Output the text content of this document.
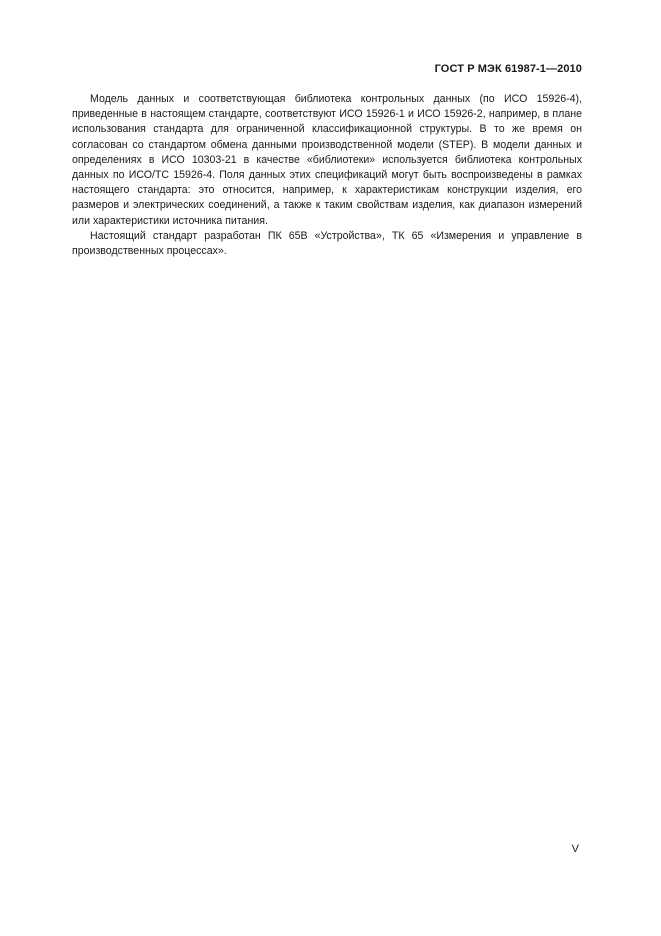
ГОСТ Р МЭК 61987-1—2010

Модель данных и соответствующая библиотека контрольных данных (по ИСО 15926-4), приведенные в настоящем стандарте, соответствуют ИСО 15926-1 и ИСО 15926-2, например, в плане использования стандарта для ограниченной классификационной структуры. В то же время он согласован со стандартом обмена данными производственной модели (STEP). В модели данных и определениях в ИСО 10303-21 в качестве «библиотеки» используется библиотека контрольных данных по ИСО/ТС 15926-4. Поля данных этих спецификаций могут быть воспроизведены в рамках настоящего стандарта: это относится, например, к характеристикам конструкции изделия, его размеров и электрических соединений, а также к таким свойствам изделия, как диапазон измерений или характеристики источника питания.

Настоящий стандарт разработан ПК 65В «Устройства», ТК 65 «Измерения и управление в производственных процессах».

V
